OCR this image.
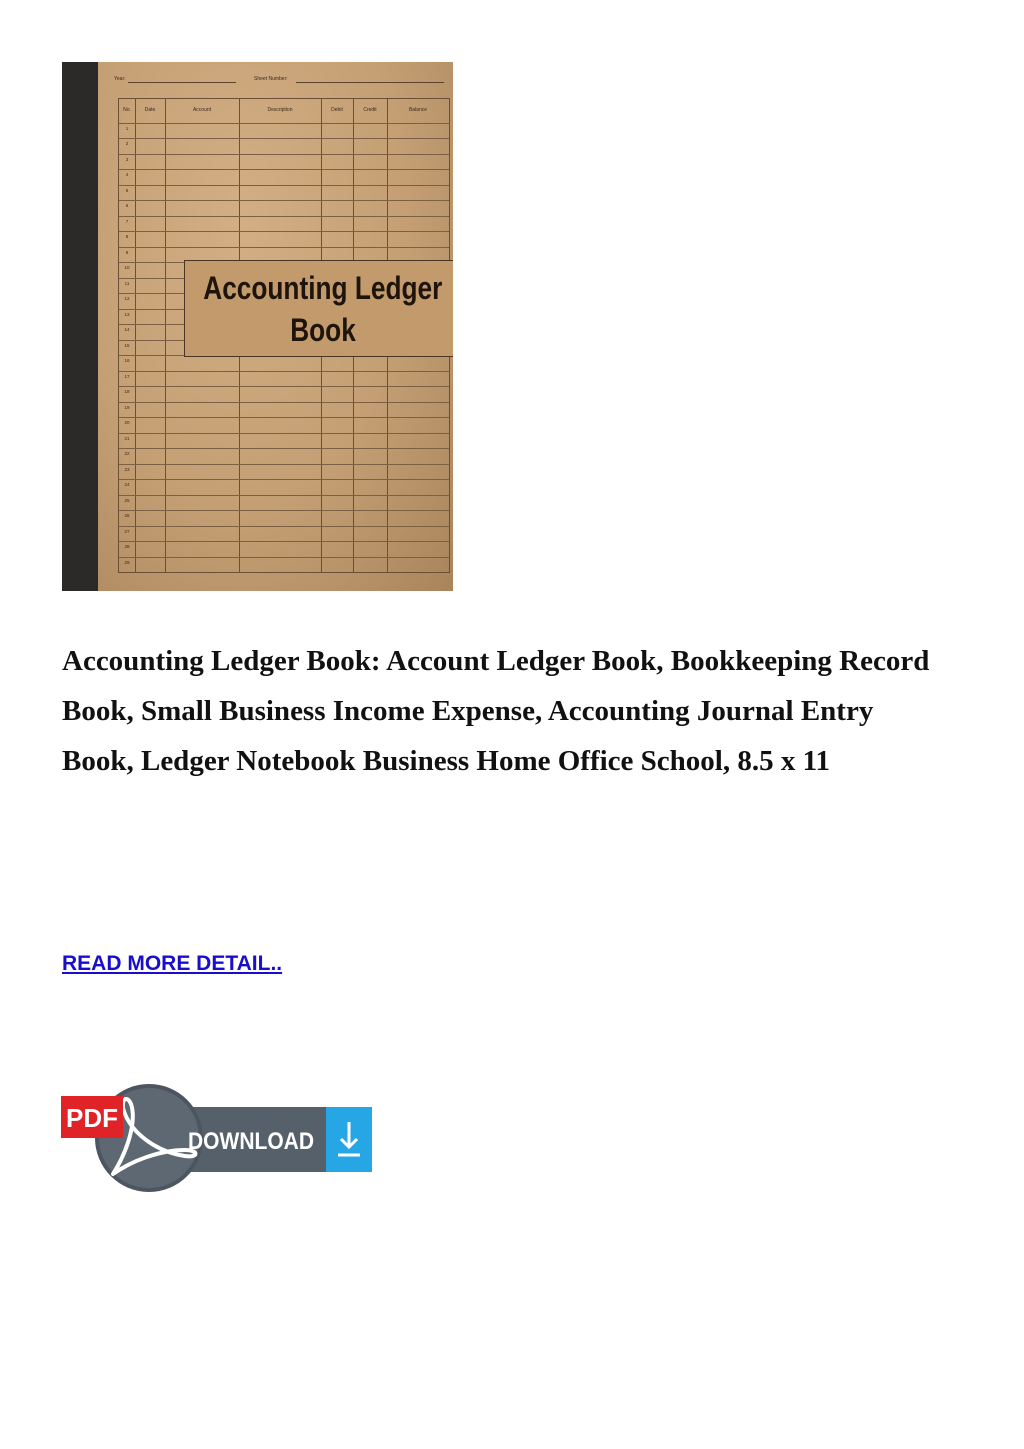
Year:	Sheet Number:
No.	Date	Account	Description	Debit	Credit	Balance
1
2
3
4
5
6
7
8
9
10
11
12
13
14
15
16
17
18
19
20
21
22
23
24
25
26
27
28
29
Accounting Ledger
Book
Accounting Ledger Book: Account Ledger Book, Bookkeeping Record Book, Small Business Income Expense, Accounting Journal Entry Book, Ledger Notebook Business Home Office School, 8.5 x 11
READ MORE DETAIL..
PDF
DOWNLOAD
